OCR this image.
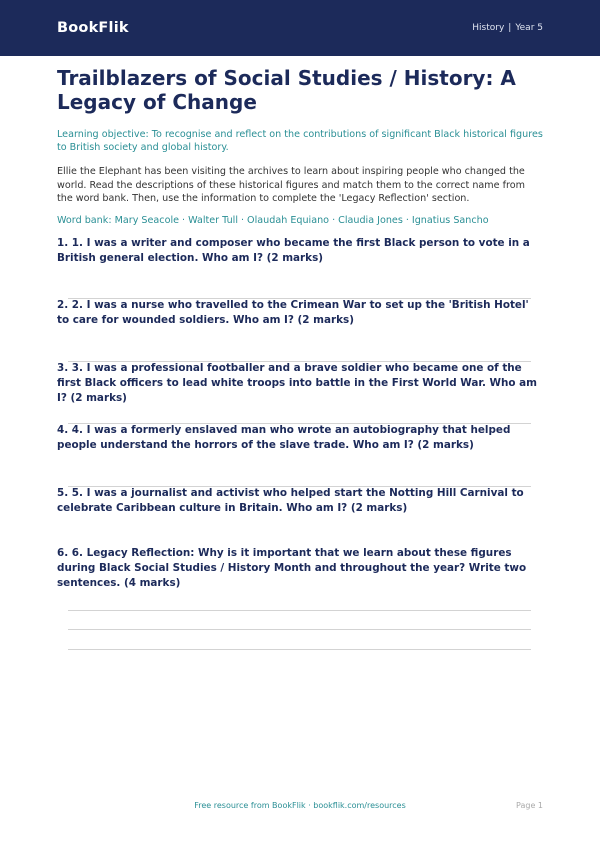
BookFlik	History | Year 5
Trailblazers of Social Studies / History: A Legacy of Change
Learning objective: To recognise and reflect on the contributions of significant Black historical figures to British society and global history.
Ellie the Elephant has been visiting the archives to learn about inspiring people who changed the world. Read the descriptions of these historical figures and match them to the correct name from the word bank. Then, use the information to complete the 'Legacy Reflection' section.
Word bank: Mary Seacole · Walter Tull · Olaudah Equiano · Claudia Jones · Ignatius Sancho
1. 1. I was a writer and composer who became the first Black person to vote in a British general election. Who am I? (2 marks)
2. 2. I was a nurse who travelled to the Crimean War to set up the 'British Hotel' to care for wounded soldiers. Who am I? (2 marks)
3. 3. I was a professional footballer and a brave soldier who became one of the first Black officers to lead white troops into battle in the First World War. Who am I? (2 marks)
4. 4. I was a formerly enslaved man who wrote an autobiography that helped people understand the horrors of the slave trade. Who am I? (2 marks)
5. 5. I was a journalist and activist who helped start the Notting Hill Carnival to celebrate Caribbean culture in Britain. Who am I? (2 marks)
6. 6. Legacy Reflection: Why is it important that we learn about these figures during Black Social Studies / History Month and throughout the year? Write two sentences. (4 marks)
Free resource from BookFlik · bookflik.com/resources	Page 1
